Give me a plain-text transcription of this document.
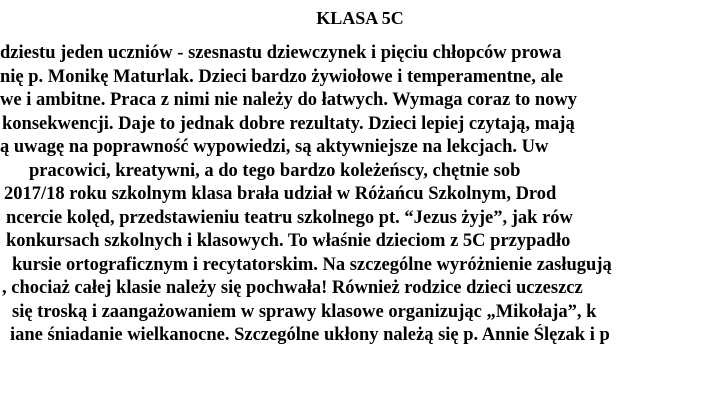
KLASA 5C
dziestu jeden uczniów - szesnastu dziewczynek i pięciu chłopców prowa
nię p. Monikę Maturlak. Dzieci bardzo żywiołowe i temperamentne, ale
we i ambitne. Praca z nimi nie należy do łatwych. Wymaga coraz to nowy
konsekwencji. Daje to jednak dobre rezultaty. Dzieci lepiej czytają, mają
ą uwagę na poprawność wypowiedzi, są aktywniejsze na lekcjach. Uw
pracowici, kreatywni, a do tego bardzo koleżeńscy, chętnie sob
2017/18 roku szkolnym klasa brała udział w Różańcu Szkolnym, Drod
ncercie kolęd, przedstawieniu teatru szkolnego pt. “Jezus żyje”, jak rów
konkursach szkolnych i klasowych. To właśnie dzieciom z 5C przypadło
kursie ortograficznym i recytatorskim. Na szczególne wyróżnienie zasługują
, chociaż całej klasie należy się pochwała! Również rodzice dzieci uczeszcz
się troską i zaangażowaniem w sprawy klasowe organizując „Mikołaja”, k
iane śniadanie wielkanocne. Szczególne ukłony należą się p. Annie Ślęzak i p
